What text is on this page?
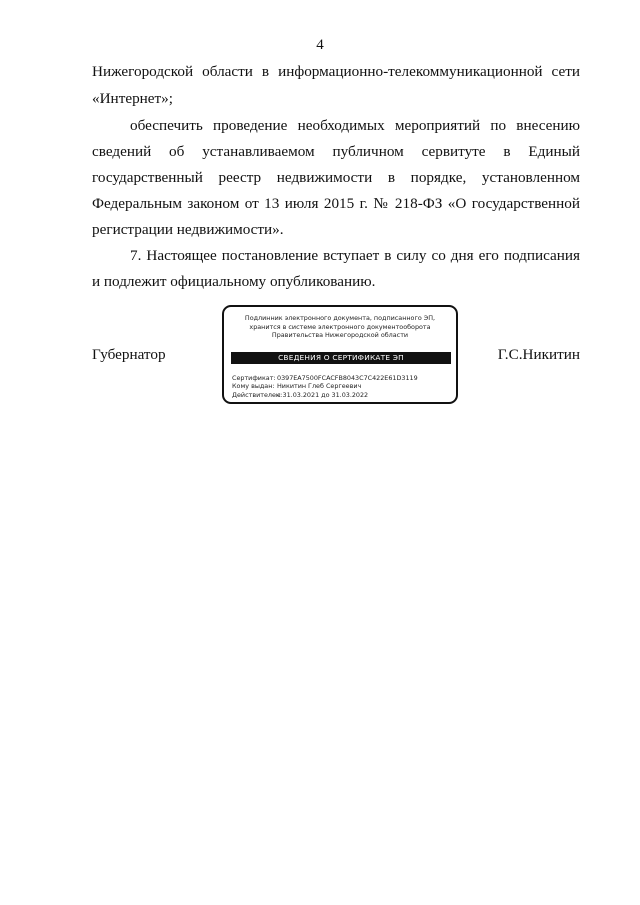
4
Нижегородской области в информационно-телекоммуникационной сети
«Интернет»;
обеспечить проведение необходимых мероприятий по внесению
сведений об устанавливаемом публичном сервитуте в Единый
государственный реестр недвижимости в порядке, установленном
Федеральным законом от 13 июля 2015 г. № 218-ФЗ «О государственной
регистрации недвижимости».
7. Настоящее постановление вступает в силу со дня его подписания
и подлежит официальному опубликованию.
Губернатор
Подлинник электронного документа, подписанного ЭП,
хранится в системе электронного документооборота
Правительства Нижегородской области
СВЕДЕНИЯ О СЕРТИФИКАТЕ ЭП
Сертификат: 0397EA7500FCACFB8043C7C422E61D3119
Кому выдан: Никитин Глеб Сергеевич
Действителен:
с 31.03.2021 до 31.03.2022
Г.С.Никитин
